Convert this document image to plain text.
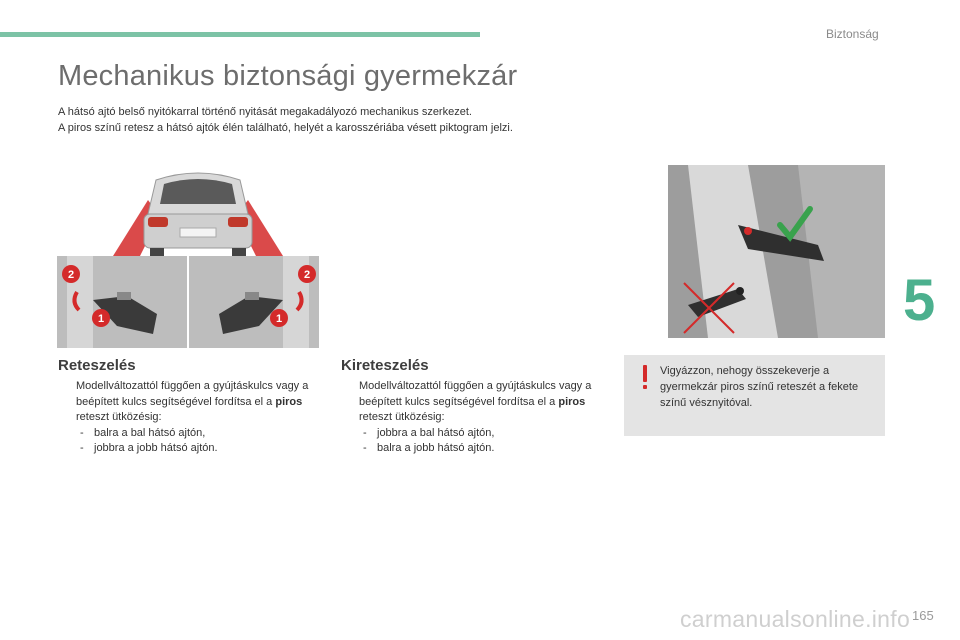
Biztonság
5
Mechanikus biztonsági gyermekzár

A hátsó ajtó belső nyitókarral történő nyitását megakadályozó mechanikus szerkezet.

A piros színű retesz a hátsó ajtók élén található, helyét a karosszériába vésett piktogram jelzi.

2
1	1
2
Reteszelés
Modellváltozattól függően a gyújtáskulcs vagy a beépített kulcs segítségével fordítsa el a piros reteszt ütközésig:
- balra a bal hátsó ajtón,
- jobbra a jobb hátsó ajtón.
Kireteszelés
Modellváltozattól függően a gyújtáskulcs vagy a beépített kulcs segítségével fordítsa el a piros reteszt ütközésig:
- jobbra a bal hátsó ajtón,
- balra a jobb hátsó ajtón.
Vigyázzon, nehogy összekeverje a gyermekzár piros színű reteszét a fekete színű vésznyitóval.
carmanualsonline.info 165
